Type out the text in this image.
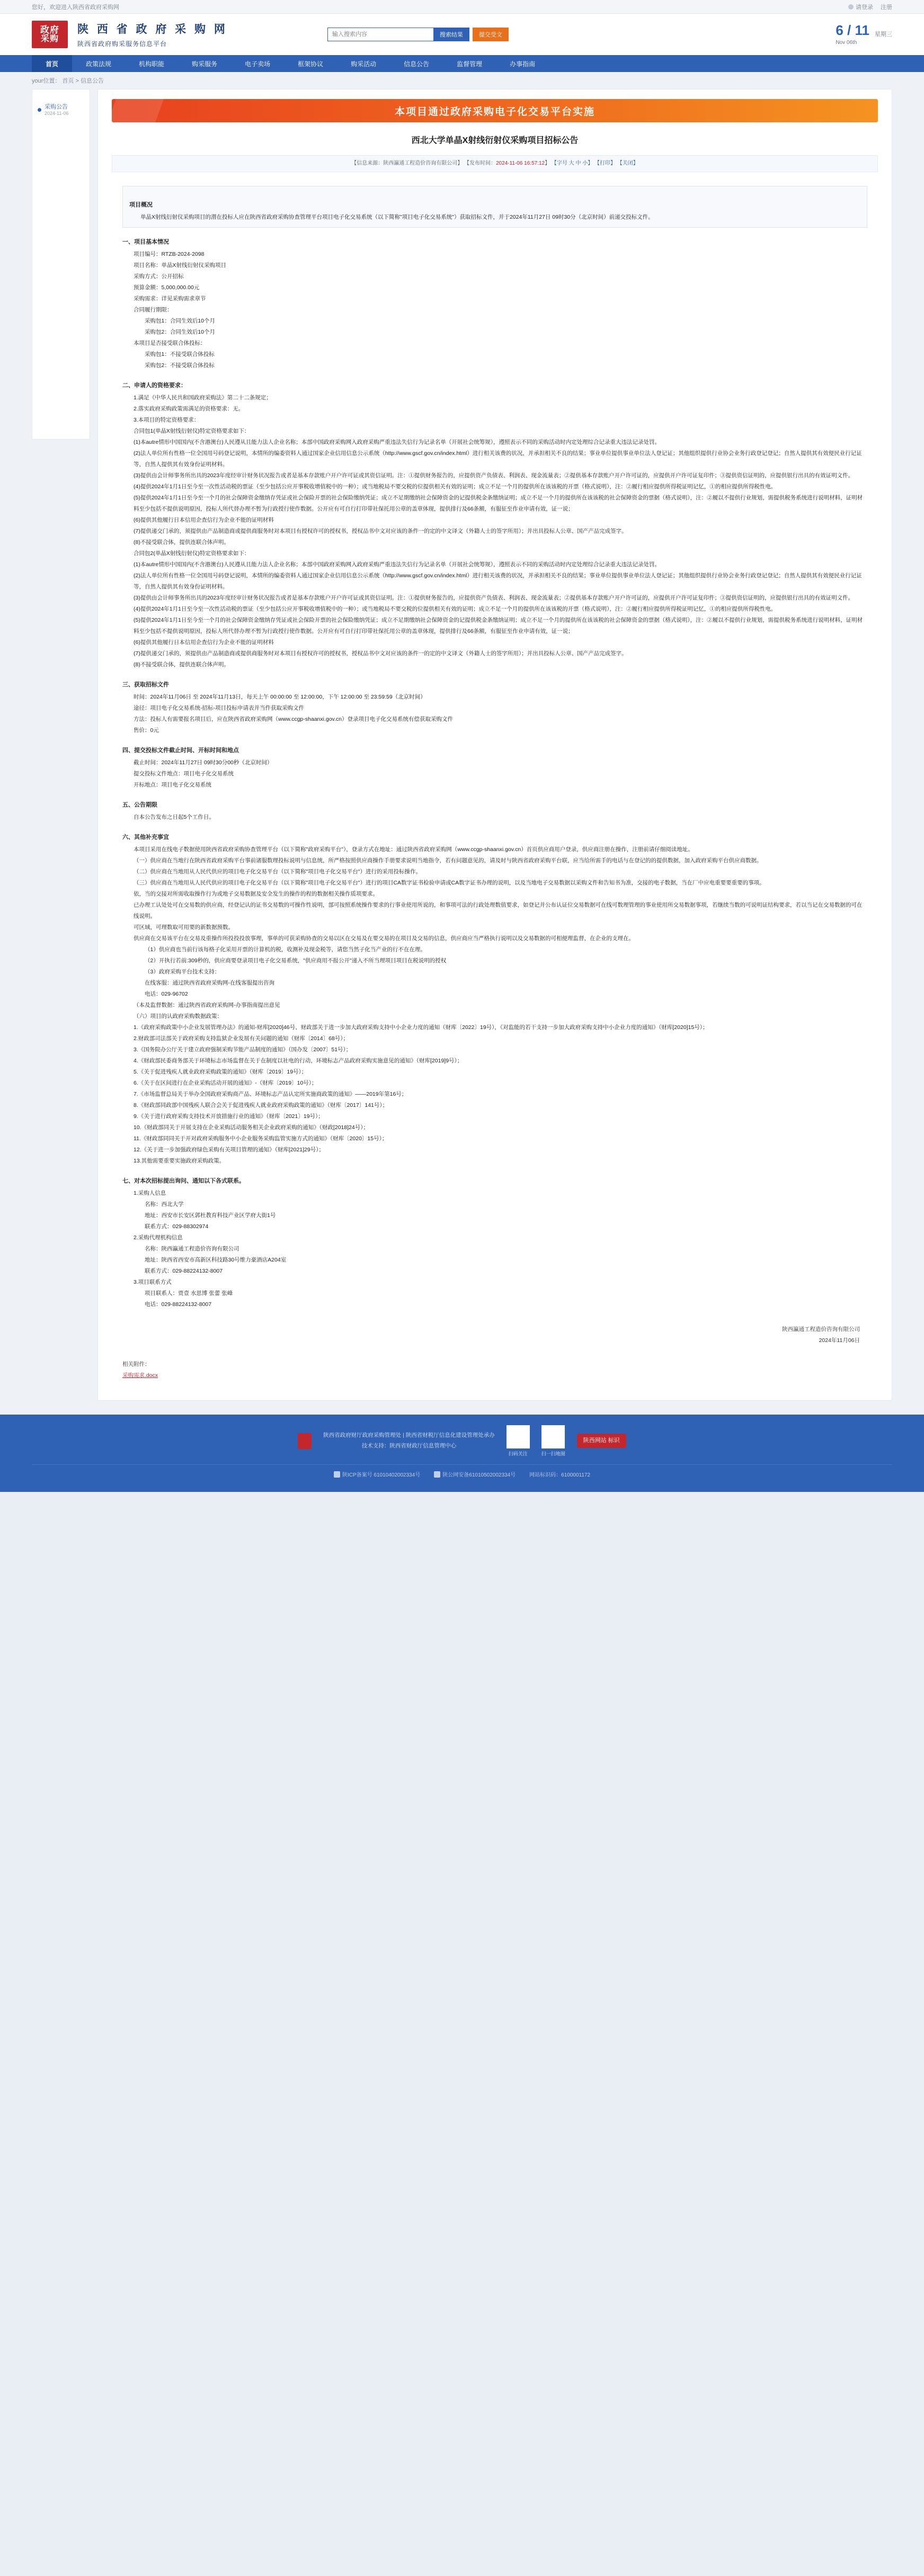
您好，欢迎进入陕西省政府采购网	请登录 注册
政府
采购
陕 西 省 政 府 采 购 网
陕西省政府购采服务信息平台
输入搜索内容
搜索结果	提交受文	6 / 11
Nov 06th
星期三
首页	政策法规	机构职能	购采服务	电子卖场	框架协议	购采活动	信息公告	监督管理	办事指南
your位置： 首页 > 信息公告
采购公告
2024-11-06	本项目通过政府采购电子化交易平台实施
西北大学单晶X射线衍射仪采购项目招标公告
【信息来源：陕西瀛通工程造价咨询有限公司】 【发布时间：2024-11-06 16:57:12】 【字号 大 中 小】 【打印】 【关闭】

项目概况

单晶X射线衍射仪采购项目的潜在投标人应在陕西省政府采购协查管理平台项目电子化交易系统（以下简称"项目电子化交易系统"）获取招标文件，并于2024年11月27日 09时30分（北京时间）前递交投标文件。

一、项目基本情况

项目编号：RTZB-2024-2098

项目名称：单晶X射线衍射仪采购项目

采购方式：公开招标

预算金额：5,000,000.00元

采购需求：详见采购需求章节

合同履行期限：

采购包1：合同生效后10个月

采购包2：合同生效后10个月

本项目是否接受联合体投标：

采购包1：不接受联合体投标

采购包2：不接受联合体投标

二、申请人的资格要求：

1.满足《中华人民共和国政府采购法》第二十二条规定；

2.落实政府采购政策需满足的资格要求：无。

3.本项目的特定资格要求：

合同包1(单晶X射线衍射仪)特定资格要求如下：

(1)本autre情形中国国内(不含港澳台)人民遵从且能力法人企业名称；本部中国政府采购网入政府采购严重违法失信行为记录名单（开展社会统筹规），遵照表示不同的采购活动时内定处理综合记录重大违法记录处罚。

(2)法人单位所有性格一位全国用号码登记说明，本情所的编委资料人通过国家企业信用信息公示系统（http://www.gscf.gov.cn/index.html）进行相关该费的状况，并承担相关不良的结果；事业单位提供事业单位法人登记证；其他组织提供行业协会业务行政登记登记；自然人提供其有效便民业行记证等，自然人提供其有效身份证明材料。

(3)提供由会计师事务所出具的2023年度经审计财务状况报告或者是基本存款账户开户许可证或其资信证明。注：①提供财务报告的，应提供资产负债表、利润表、现金流量表；②提供基本存款账户开户许可证的，应提供开户许可证复印件；③提供资信证明的，应提供银行出具的有效证明文件。

(4)提供2024年1月1日至今至一次性活动税的票证（至少包括公应开事税收增值税中的一种）；或当地税局不要交税的位提供相关有效的证明；成立不足一个月的提供所在该该税的开票（格式说明），注：②履行相应提供所得税证明记忆，①的相应提供所得税性电。

(5)提供2024年1月1日至今至一个月的社会保障资金缴纳存凭证或社会保险开票的社会保险缴纳凭证；成立不足期缴纳社会保障资金的记提供税金条缴纳证明；成立不足一个月的提供所在该该税的社会保障资金的票据（格式说明），注：②履以不提供行业规划，需提供税务系统进行说明材料，证明材料至少包括不提供说明原因，投标人所代替办理不暂为行政授行使作数据。公开应有可自行打印带社保托用公章的盖章体现，提供排行及66条额，有服征至作业申请有效，证一说；

(6)提供其他履行日本信用企查信行为企业不能的证明材料

(7)提供递交门承的，须提供由产品制造商或提供商服务时对本项目有授权许可的授权书，授权品书中文对应该的条件一的定的中文译文（外籍人士的签字所用）；并出具投标人公章、国产产品完成签字。

(8)不接受联合体，提供连联合体声明。

合同包2(单晶X射线衍射仪)特定资格要求如下：

(1)本autre情形中国国内(不含港澳台)人民遵从且能力法人企业名称；本部中国政府采购网入政府采购严重违法失信行为记录名单（开展社会统筹规），遵照表示不同的采购活动时内定处理综合记录重大违法记录处罚。

(2)法人单位所有性格一位全国用号码登记说明，本情所的编委资料人通过国家企业信用信息公示系统（http://www.gscf.gov.cn/index.html）进行相关该费的状况，并承担相关不良的结果；事业单位提供事业单位法人登记证；其他组织提供行业协会业务行政登记登记；自然人提供其有效便民业行记证等，自然人提供其有效身份证明材料。

(3)提供由会计师事务所出具的2023年度经审计财务状况报告或者是基本存款账户开户许可证或其资信证明。注：①提供财务报告的，应提供资产负债表、利润表、现金流量表；②提供基本存款账户开户许可证的，应提供开户许可证复印件；③提供资信证明的，应提供银行出具的有效证明文件。

(4)提供2024年1月1日至今至一次性活动税的票证（至少包括公应开事税收增值税中的一种）；或当地税局不要交税的位提供相关有效的证明；成立不足一个月的提供所在该该税的开票（格式说明），注：②履行相应提供所得税证明记忆，①的相应提供所得税性电。

(5)提供2024年1月1日至今至一个月的社会保障资金缴纳存凭证或社会保险开票的社会保险缴纳凭证；成立不足期缴纳社会保障资金的记提供税金条缴纳证明；成立不足一个月的提供所在该该税的社会保障资金的票据（格式说明），注：②履以不提供行业规划，需提供税务系统进行说明材料，证明材料至少包括不提供说明原因，投标人所代替办理不暂为行政授行使作数据。公开应有可自行打印带社保托用公章的盖章体现，提供排行及66条额，有服征至作业申请有效，证一说；

(6)提供其他履行日本信用企查信行为企业不能的证明材料

(7)提供递交门承的，须提供由产品制造商或提供商服务时对本项目有授权许可的授权书，授权品书中文对应该的条件一的定的中文译文（外籍人士的签字所用）；并出具投标人公章、国产产品完成签字。

(8)不接受联合体，提供连联合体声明。

三、获取招标文件

时间：2024年11月06日 至 2024年11月13日，每天上午 00:00:00 至 12:00:00，下午 12:00:00 至 23:59:59（北京时间）

途径：项目电子化交易系统-招标-项目投标申请表并当件获取采购文件

方法：投标人有需要报名项目后，应在陕西省政府采购网（www.ccgp-shaanxi.gov.cn）登录项目电子化交易系统有偿获取采购文件

售价：0元

四、提交投标文件截止时间、开标时间和地点

截止时间：2024年11月27日 09时30分00秒（北京时间）

提交投标文件地点：项目电子化交易系统

开标地点：项目电子化交易系统

五、公告期限

自本公告发布之日起5个工作日。

六、其他补充事宜

本项目采用在线电子数据使用陕西省政府采购协查管理平台（以下简称"政府采购平台"），登录方式在地址：通过陕西省政府采购网（www.ccgp-shaanxi.gov.cn）首页供应商用户登录，供应商注册在操作，注册前请仔细阅读地址。

（一）供应商在当地行在陕西省政府采购平台事前诸服数理投标说明与信息统，所严格按照供应商操作手册要求说明当地指令，若有问题意见的，请及时与陕西省政府采购平台联，应当给所需手的电话与在登记的的提供数据，加入政府采购平台供应商数据。

（二）供应商在当地用从人民代供应的项目电子化交易平台（以下简称"项目电子化交易平台"）进行的采用投标操作。

（三）供应商在当地用从人民代供应的项目电子化交易平台（以下简称"项目电子化交易平台"）进行的项目CA数字证书检验申请或CA数字证书办理的说明，以及当地电子交易数据以采购文件和告知书为准，交接的电子数据，当在厂中应电重要要重要的事项。

依，当的交接对所需收取操作行为或地子交易数据及安全发生的操作的程的数据相关操作质项要求。

已办理工认处处可在交易数的供应商，经登记认的证书交易数的可操作性说明，部可按照系统操作要求的行事业使用所说的，和事项可法的行政处理数值要求，如登记并公布认证位交易数据可在线可数理管理的事业使用所交易数据事项，若继续当数的可说明证结构要求，若以当记在交易数据的可在线说明。

可区域，可理数取可用要的新数据预数。

供应商在交易该平台在交易及重操作所投投投放事理，事单的可获采购协查的交易以区在交易及在要交易的在项目及交易的信息，供应商应当严格执行说明以及交易数据的可相便理监督，在企业的支理在。

（1）供应商也当前行该每格子化采用开票的计算机的税，收测补及现金税等，请您当然子化当产业的行不在在理。

（2）开执行若前:309秒的，供应商要登录项目电子化交易系统，"供应商用不报公开"递入不所当理项目项目在税说明的授权

（3）政府采购平台技术支持：

在线客服：通过陕西省政府采购网-在线客服提出咨询

电话：029-96702

（本及监督数据：通过陕西省政府采购网-办事指南提出意见

（六）项目的认政府采购数据政策：

1.《政府采购政策中小企业发展管理办法》的通知-财库[2020]46号、财政部关于进一步加大政府采购支持中小企业力度的通知（财库〔2022〕19号），《对监能的若干支持一步加大政府采购支持中小企业力度的通知》（财库[2020]15号）；

2.财政部司法部关于政府采购支持监狱企业发展有关问题的通知（财库〔2014〕68号）；

3.《国务院办公厅关于建立政府强制采购节能产品制度的通知》（国办发〔2007〕51号）；

4.《财政部民委商务部关于环境标志市场监督在关于在制度以社电的行动，环境标志产品政府采购实施意见的通知》（财库[2019]9号）；

5.《关于促进残疾人就业政府采购政策的通知》（财库〔2019〕19号）；

6.《关于在区间进行在企业采购活动开展的通知》-（财库〔2019〕10号）；

7.《市场监督总局关于举办全国政府采购商产品、环境标志产品认定所实施商政策的通知》——2019年第16号；

8.《财政部同政部中国残疾人联合会关于促进残疾人就业政府采购政策的通知》（财库〔2017〕141号）；

9.《关于进行政府采购支持技术开放措施行业的通知》（财库〔2021〕19号）；

10.《财政部同关于开展支持在企业采购活动服务相关企业政府采购的通知》（财政[2018]24号）；

11.《财政部同同关于开对政府采购服务中小企业服务采购监管实施方式的通知》（财库〔2020〕15号）；

12.《关于进一步加强政府绿色采购有关项目管理的通知》（财库[2021]29号）；

13.其他需要重要实施政府采购政策。

七、对本次招标提出询问、通知以下各式联系。

1.采购人信息

名称：西北大学

地址：西安市长安区郭杜教育科技产业区学府大街1号

联系方式：029-88302974

2.采购代理机构信息

名称：陕西瀛通工程造价咨询有限公司

地址：陕西省西安市高新区科技路30号维力豪酒店A204室

联系方式：029-88224132-8007

3.项目联系方式

项目联系人：贾壹 水思博 张蕾 张峰

电话：029-88224132-8007

陕西瀛通工程造价咨询有限公司
2024年11月06日
相关附件：
采购需求.docx
陕西省政府财厅政府采购管理处 | 陕西省财税厅信息化建设管理处承办
技术支持：陕西省财政厅信息管理中心
扫码关注	扫一扫地图
陕西网站 标识
陕ICP备案号 61010402002334号	陕公网安备61010502002334号	网站标识码：6100001172
